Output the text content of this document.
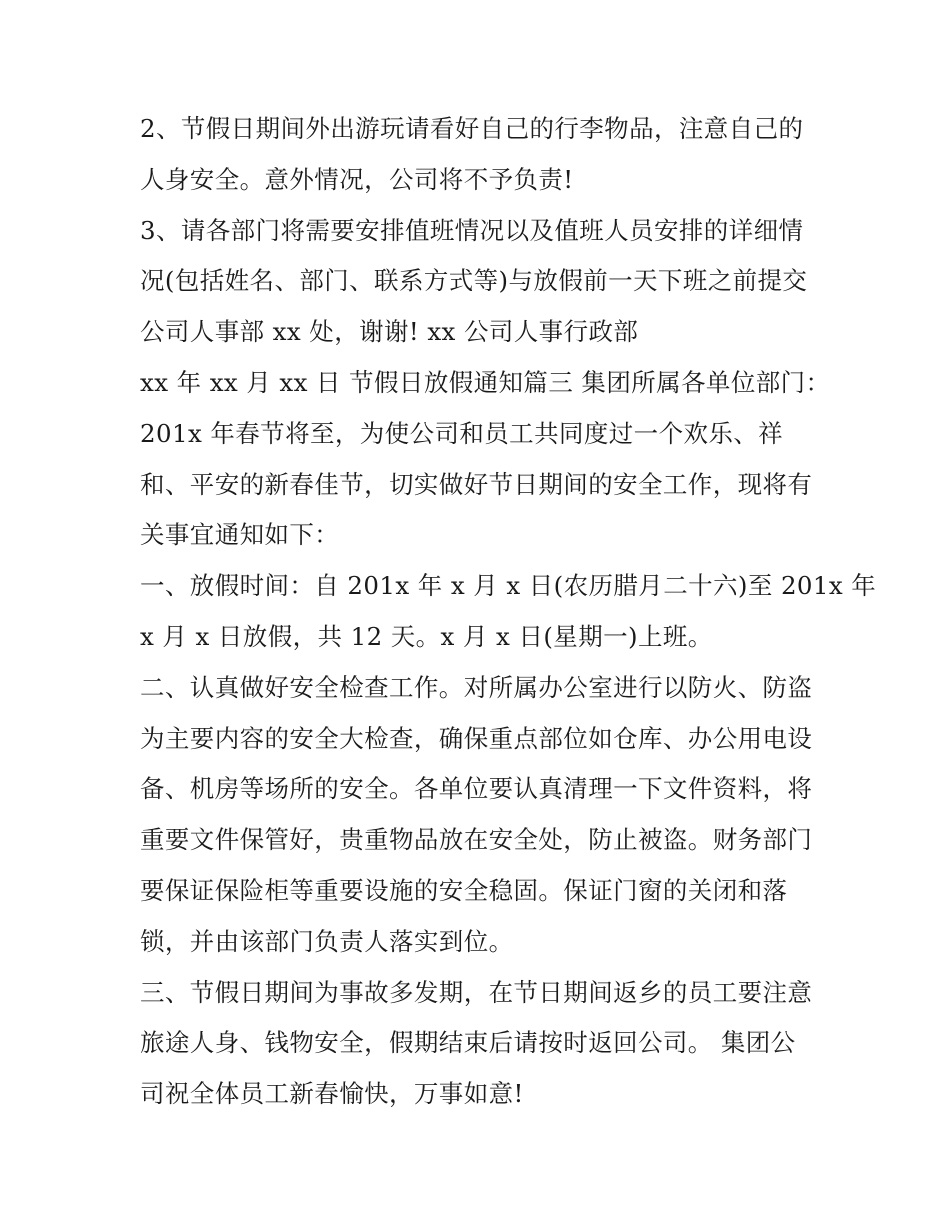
2、节假日期间外出游玩请看好自己的行李物品，注意自己的
人身安全。意外情况，公司将不予负责!
3、请各部门将需要安排值班情况以及值班人员安排的详细情
况(包括姓名、部门、联系方式等)与放假前一天下班之前提交
公司人事部 xx 处，谢谢! xx 公司人事行政部
xx 年 xx 月 xx 日 节假日放假通知篇三 集团所属各单位部门：
201x 年春节将至，为使公司和员工共同度过一个欢乐、祥
和、平安的新春佳节，切实做好节日期间的安全工作，现将有
关事宜通知如下：
一、放假时间：自 201x 年 x 月 x 日(农历腊月二十六)至 201x 年
x 月 x 日放假，共 12 天。x 月 x 日(星期一)上班。
二、认真做好安全检查工作。对所属办公室进行以防火、防盗
为主要内容的安全大检查，确保重点部位如仓库、办公用电设
备、机房等场所的安全。各单位要认真清理一下文件资料，将
重要文件保管好，贵重物品放在安全处，防止被盗。财务部门
要保证保险柜等重要设施的安全稳固。保证门窗的关闭和落
锁，并由该部门负责人落实到位。
三、节假日期间为事故多发期，在节日期间返乡的员工要注意
旅途人身、钱物安全，假期结束后请按时返回公司。 集团公
司祝全体员工新春愉快，万事如意!
